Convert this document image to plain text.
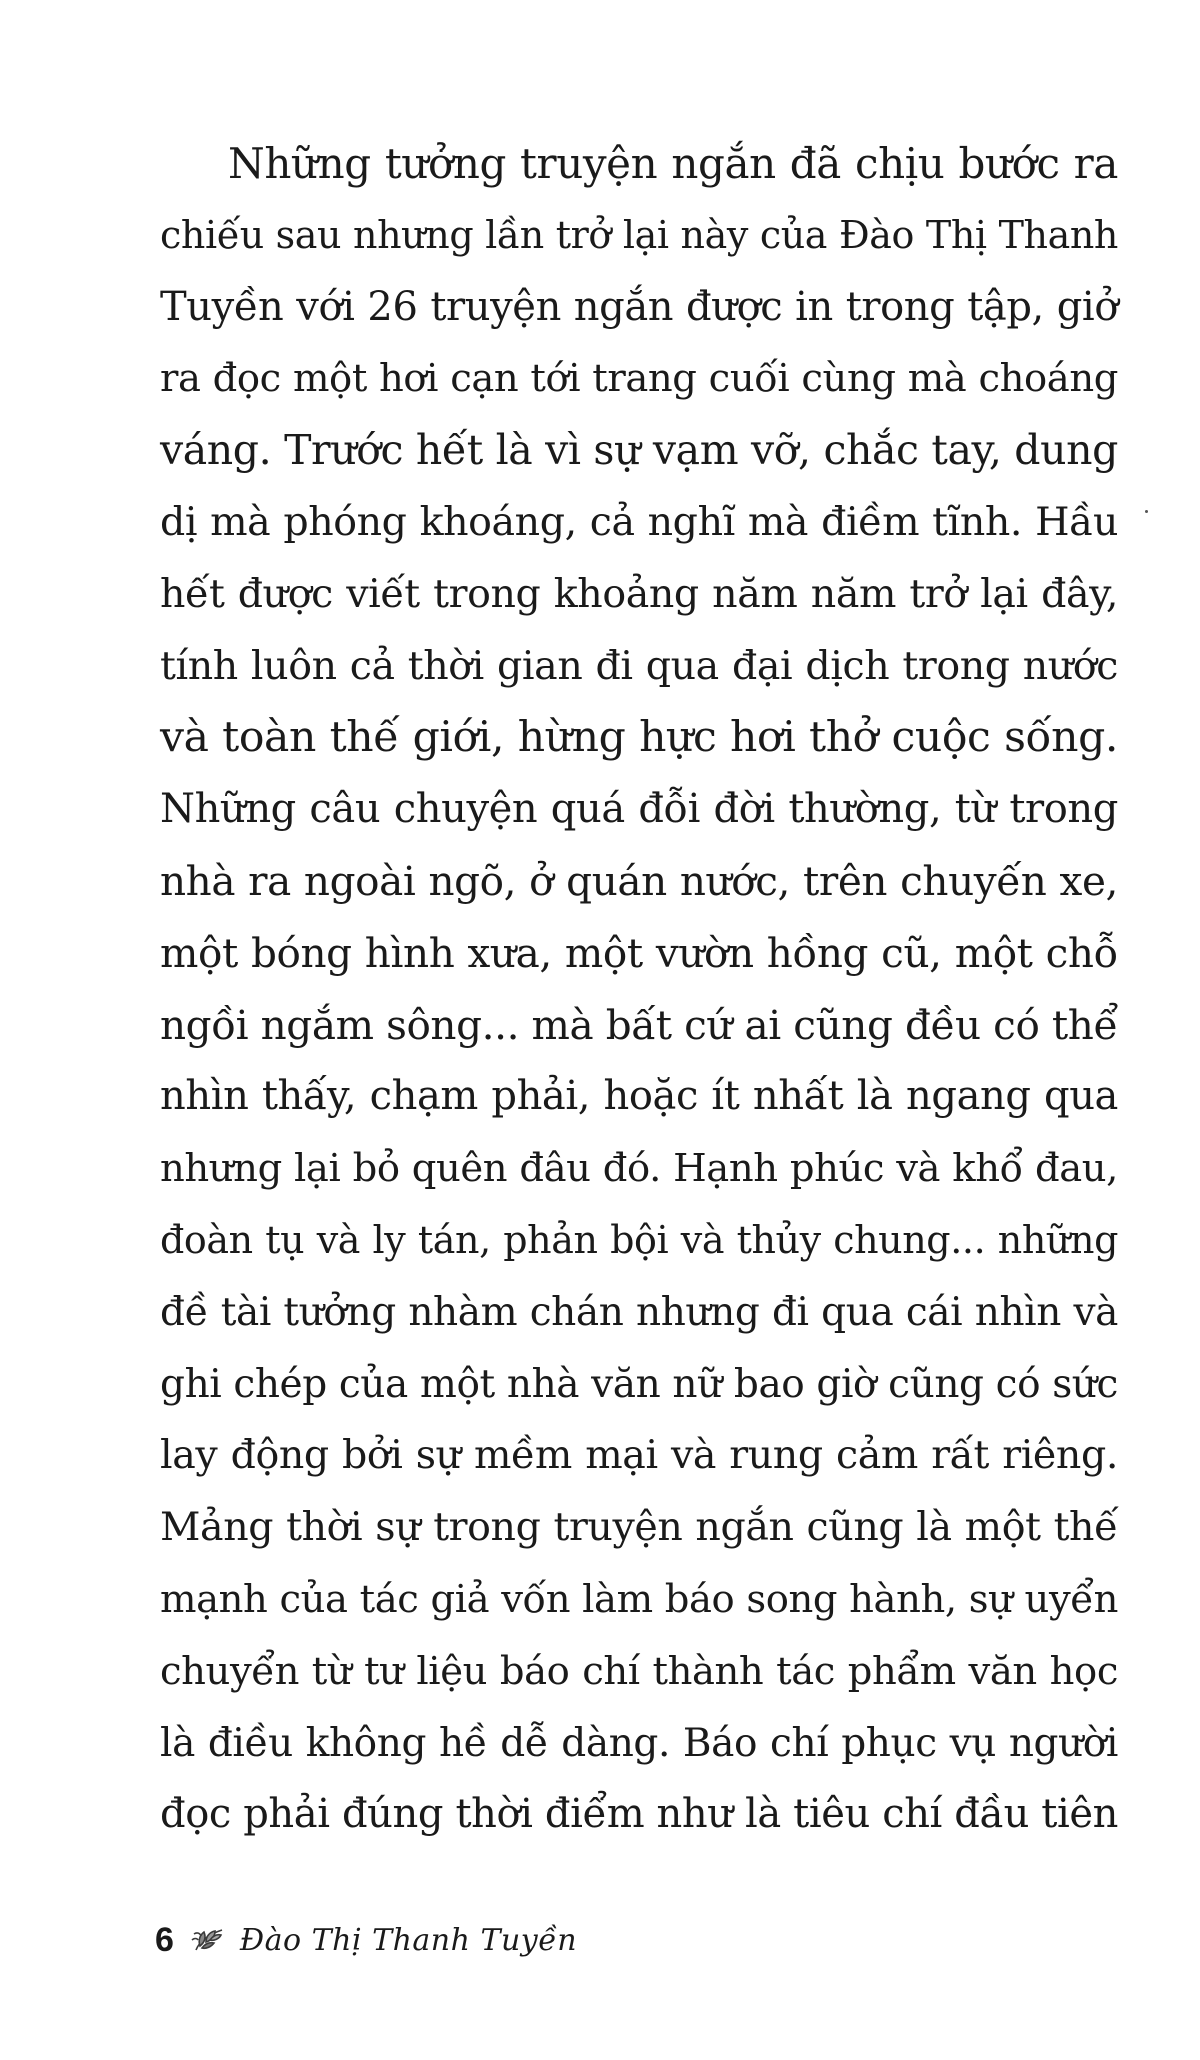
Những tưởng truyện ngắn đã chịu bước ra
chiếu sau nhưng lần trở lại này của Đào Thị Thanh
Tuyền với 26 truyện ngắn được in trong tập, giở
ra đọc một hơi cạn tới trang cuối cùng mà choáng
váng. Trước hết là vì sự vạm vỡ, chắc tay, dung
dị mà phóng khoáng, cả nghĩ mà điềm tĩnh. Hầu
hết được viết trong khoảng năm năm trở lại đây,
tính luôn cả thời gian đi qua đại dịch trong nước
và toàn thế giới, hừng hực hơi thở cuộc sống.
Những câu chuyện quá đỗi đời thường, từ trong
nhà ra ngoài ngõ, ở quán nước, trên chuyến xe,
một bóng hình xưa, một vườn hồng cũ, một chỗ
ngồi ngắm sông... mà bất cứ ai cũng đều có thể
nhìn thấy, chạm phải, hoặc ít nhất là ngang qua
nhưng lại bỏ quên đâu đó. Hạnh phúc và khổ đau,
đoàn tụ và ly tán, phản bội và thủy chung... những
đề tài tưởng nhàm chán nhưng đi qua cái nhìn và
ghi chép của một nhà văn nữ bao giờ cũng có sức
lay động bởi sự mềm mại và rung cảm rất riêng.
Mảng thời sự trong truyện ngắn cũng là một thế
mạnh của tác giả vốn làm báo song hành, sự uyển
chuyển từ tư liệu báo chí thành tác phẩm văn học
là điều không hề dễ dàng. Báo chí phục vụ người
đọc phải đúng thời điểm như là tiêu chí đầu tiên
6 Đào Thị Thanh Tuyền
